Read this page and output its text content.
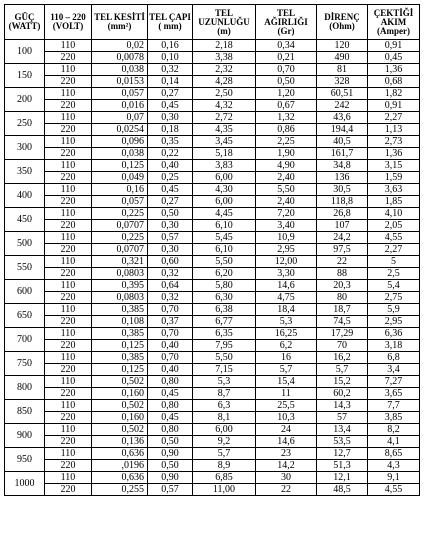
GÜÇ (WATT)	110 – 220 (VOLT)	TEL KESİTİ (mm²)	TEL ÇAPI ( mm)	TEL UZUNLUĞU (m)	TEL AĞIRLIĞI (Gr)	DİRENÇ (Ohm)	ÇEKTİĞİ AKIM (Amper)
100	110	0,02	0,16	2,18	0,34	120	0,91
	220	0,0078	0,10	3,38	0,21	490	0,45
150	110	0,038	0,32	2,32	0,70	81	1,36
	220	0,0153	0,14	4,28	0,50	328	0,68
200	110	0,057	0,27	2,50	1,20	60,51	1,82
	220	0,016	0,45	4,32	0,67	242	0,91
250	110	0,07	0,30	2,72	1,32	43,6	2,27
	220	0,0254	0,18	4,35	0,86	194,4	1,13
300	110	0,096	0,35	3,45	2,25	40,5	2,73
	220	0,038	0,22	5,18	1,90	161,7	1,36
350	110	0,125	0,40	3,83	4,90	34,8	3,15
	220	0,049	0,25	6,00	2,40	136	1,59
400	110	0,16	0,45	4,30	5,50	30,5	3,63
	220	0,057	0,27	6,00	2,40	118,8	1,85
450	110	0,225	0,50	4,45	7,20	26,8	4,10
	220	0,0707	0,30	6,10	3,40	107	2,05
500	110	0,225	0,57	5,45	10,9	24,2	4,55
	220	0,0707	0,30	6,10	2,95	97,5	2,27
550	110	0,321	0,60	5,50	12,00	22	5
	220	0,0803	0,32	6,20	3,30	88	2,5
600	110	0,395	0,64	5,80	14,6	20,3	5,4
	220	0,0803	0,32	6,30	4,75	80	2,75
650	110	0,385	0,70	6,38	18,4	18,7	5,9
	220	0,108	0,37	6,77	5,3	74,5	2,95
700	110	0,385	0,70	6,35	16,25	17,29	6,36
	220	0,125	0,40	7,95	6,2	70	3,18
750	110	0,385	0,70	5,50	16	16,2	6,8
	220	0,125	0,40	7,15	5,7	5,7	3,4
800	110	0,502	0,80	5,3	15,4	15,2	7,27
	220	0,160	0,45	8,7	11	60,2	3,65
850	110	0,502	0,80	6,3	25,5	14,3	7,7
	220	0,160	0,45	8,1	10,3	57	3,85
900	110	0,502	0,80	6,00	24	13,4	8,2
	220	0,136	0,50	9,2	14,6	53,5	4,1
950	110	0,636	0,90	5,7	23	12,7	8,65
	220	,0196	0,50	8,9	14,2	51,3	4,3
1000	110	0,636	0,90	6,85	30	12,1	9,1
	220	0,255	0,57	11,00	22	48,5	4,55
